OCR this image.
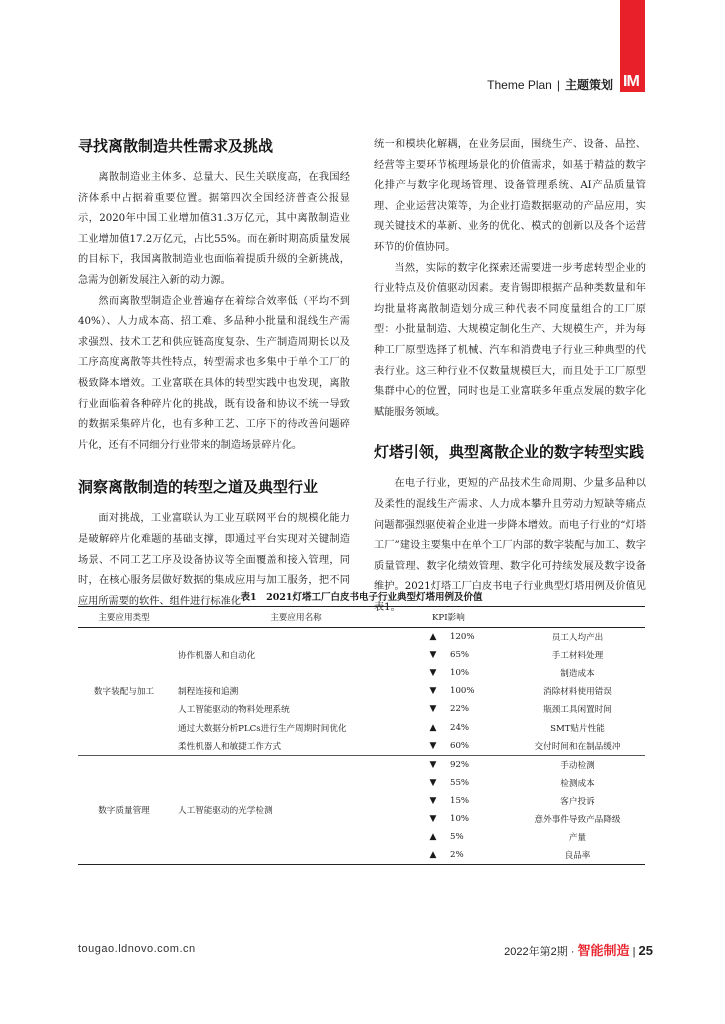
IM
Theme Plan | 主题策划
寻找离散制造共性需求及挑战

离散制造业主体多、总量大、民生关联度高，在我国经济体系中占据着重要位置。据第四次全国经济普查公报显示，2020年中国工业增加值31.3万亿元，其中离散制造业工业增加值17.2万亿元，占比55%。而在新时期高质量发展的目标下，我国离散制造业也面临着提质升级的全新挑战，急需为创新发展注入新的动力源。

然而离散型制造企业普遍存在着综合效率低（平均不到40%）、人力成本高、招工难、多品种小批量和混线生产需求强烈、技术工艺和供应链高度复杂、生产制造周期长以及工序高度离散等共性特点，转型需求也多集中于单个工厂的极致降本增效。工业富联在具体的转型实践中也发现，离散行业面临着各种碎片化的挑战，既有设备和协议不统一导致的数据采集碎片化，也有多种工艺、工序下的待改善问题碎片化，还有不同细分行业带来的制造场景碎片化。

洞察离散制造的转型之道及典型行业

面对挑战，工业富联认为工业互联网平台的规模化能力是破解碎片化难题的基础支撑，即通过平台实现对关键制造场景、不同工艺工序及设备协议等全面覆盖和接入管理，同时，在核心服务层做好数据的集成应用与加工服务，把不同应用所需要的软件、组件进行标准化

统一和模块化解耦，在业务层面，围绕生产、设备、品控、经营等主要环节梳理场景化的价值需求，如基于精益的数字化排产与数字化现场管理、设备管理系统、AI产品质量管理、企业运营决策等，为企业打造数据驱动的产品应用，实现关键技术的革新、业务的优化、模式的创新以及各个运营环节的价值协同。

当然，实际的数字化探索还需要进一步考虑转型企业的行业特点及价值驱动因素。麦肯锡即根据产品种类数量和年均批量将离散制造划分成三种代表不同度量组合的工厂原型：小批量制造、大规模定制化生产、大规模生产，并为每种工厂原型选择了机械、汽车和消费电子行业三种典型的代表行业。这三种行业不仅数量规模巨大，而且处于工厂原型集群中心的位置，同时也是工业富联多年重点发展的数字化赋能服务领域。

灯塔引领，典型离散企业的数字转型实践

在电子行业，更短的产品技术生命周期、少量多品种以及柔性的混线生产需求、人力成本攀升且劳动力短缺等痛点问题都强烈驱使着企业进一步降本增效。而电子行业的“灯塔工厂”建设主要集中在单个工厂内部的数字装配与加工、数字质量管理、数字化绩效管理、数字化可持续发展及数字设备维护。2021灯塔工厂白皮书电子行业典型灯塔用例及价值见表1。

表1　2021灯塔工厂白皮书电子行业典型灯塔用例及价值
主要应用类型	主要应用名称	KPI影响		
数字装配与加工	协作机器人和自动化	▲	120%	员工人均产出
		▼	65%	手工材料处理
		▼	10%	制造成本
	制程连接和追溯	▼	100%	消除材料使用错误
	人工智能驱动的物料处理系统	▼	22%	瓶颈工具闲置时间
	通过大数据分析PLCs进行生产周期时间优化	▲	24%	SMT贴片性能
	柔性机器人和敏捷工作方式	▼	60%	交付时间和在制品缓冲
数字质量管理	人工智能驱动的光学检测	▼	92%	手动检测
		▼	55%	检测成本
		▼	15%	客户投诉
		▼	10%	意外事件导致产品降级
		▲	5%	产量
		▲	2%	良品率
tougao.ldnovo.com.cn	2022年第2期 · 智能制造 | 25
